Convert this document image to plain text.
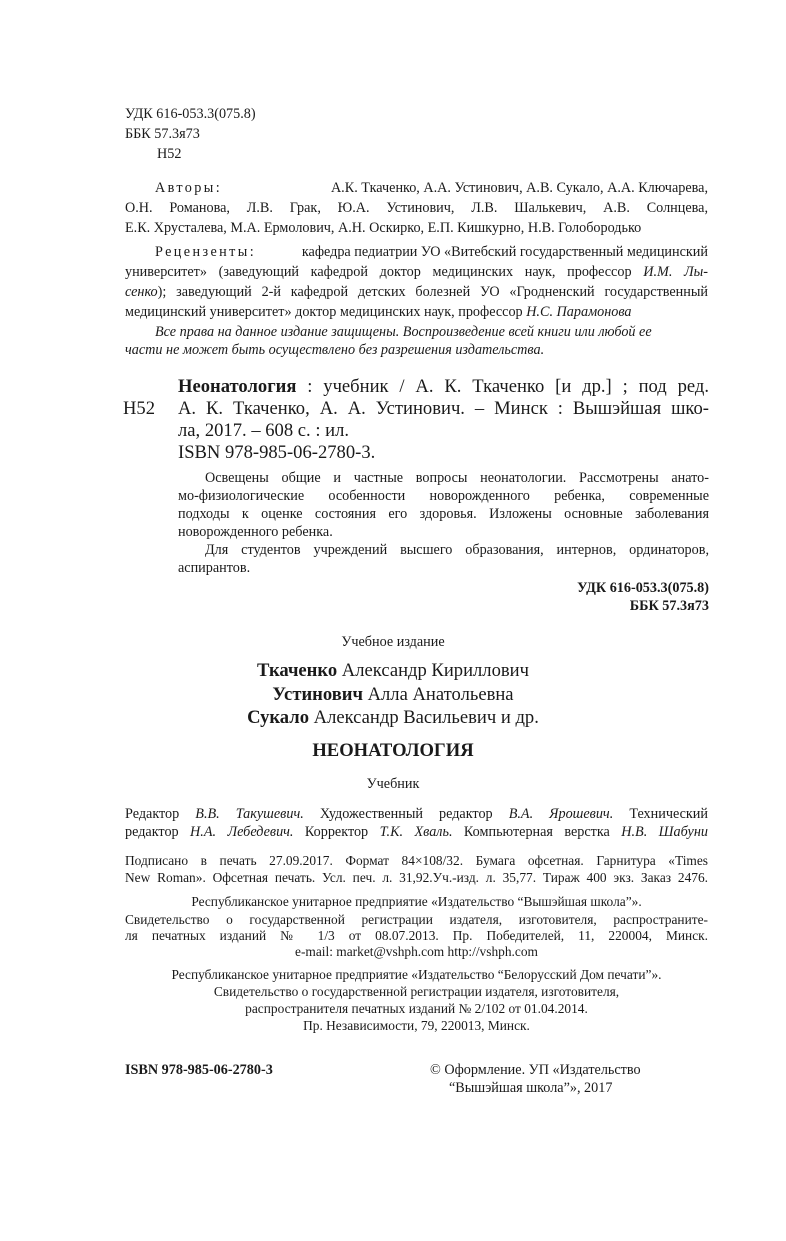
УДК 616-053.3(075.8)
ББК 57.3я73
Н52
Авторы:	А.К. Ткаченко, А.А. Устинович, А.В. Сукало, А.А. Ключарева,
О.Н. Романова, Л.В. Грак, Ю.А. Устинович, Л.В. Шалькевич, А.В. Солнцева,
Е.К. Хрусталева, М.А. Ермолович, А.Н. Оскирко, Е.П. Кишкурно, Н.В. Голобородько
Рецензенты:	кафедра педиатрии УО «Витебский государственный медицинский
университет» (заведующий кафедрой доктор медицинских наук, профессор И.М. Лы-
сенко); заведующий 2-й кафедрой детских болезней УО «Гродненский государственный
медицинский университет» доктор медицинских наук, профессор Н.С. Парамонова
Все права на данное издание защищены. Воспроизведение всей книги или любой ее
части не может быть осуществлено без разрешения издательства.
Неонатология : учебник / А. К. Ткаченко [и др.] ; под ред.
Н52 А. К. Ткаченко, А. А. Устинович. – Минск : Вышэйшая шко-
ла, 2017. – 608 с. : ил.
ISBN 978-985-06-2780-3.
Освещены общие и частные вопросы неонатологии. Рассмотрены анато-
мо-физиологические особенности новорожденного ребенка, современные
подходы к оценке состояния его здоровья. Изложены основные заболевания
новорожденного ребенка.
Для студентов учреждений высшего образования, интернов, ординаторов,
аспирантов.
УДК 616-053.3(075.8)
ББК 57.3я73
Учебное издание
Ткаченко Александр Кириллович
Устинович Алла Анатольевна
Сукало Александр Васильевич и др.
НЕОНАТОЛОГИЯ
Учебник
Редактор В.В. Такушевич. Художественный редактор В.А. Ярошевич. Технический
редактор Н.А. Лебедевич. Корректор Т.К. Хваль. Компьютерная верстка Н.В. Шабуни
Подписано в печать 27.09.2017. Формат 84×108/32. Бумага офсетная. Гарнитура «Times
New Roman». Офсетная печать. Усл. печ. л. 31,92.Уч.-изд. л. 35,77. Тираж 400 экз. Заказ 2476.
Республиканское унитарное предприятие «Издательство “Вышэйшая школа”».
Свидетельство о государственной регистрации издателя, изготовителя, распространите-
ля печатных изданий № 1/3 от 08.07.2013. Пр. Победителей, 11, 220004, Минск.
e-mail: market@vshph.com http://vshph.com
Республиканское унитарное предприятие «Издательство “Белорусский Дом печати”».
Свидетельство о государственной регистрации издателя, изготовителя,
распространителя печатных изданий № 2/102 от 01.04.2014.
Пр. Независимости, 79, 220013, Минск.
ISBN 978-985-06-2780-3	© Оформление. УП «Издательство
“Вышэйшая школа”», 2017
